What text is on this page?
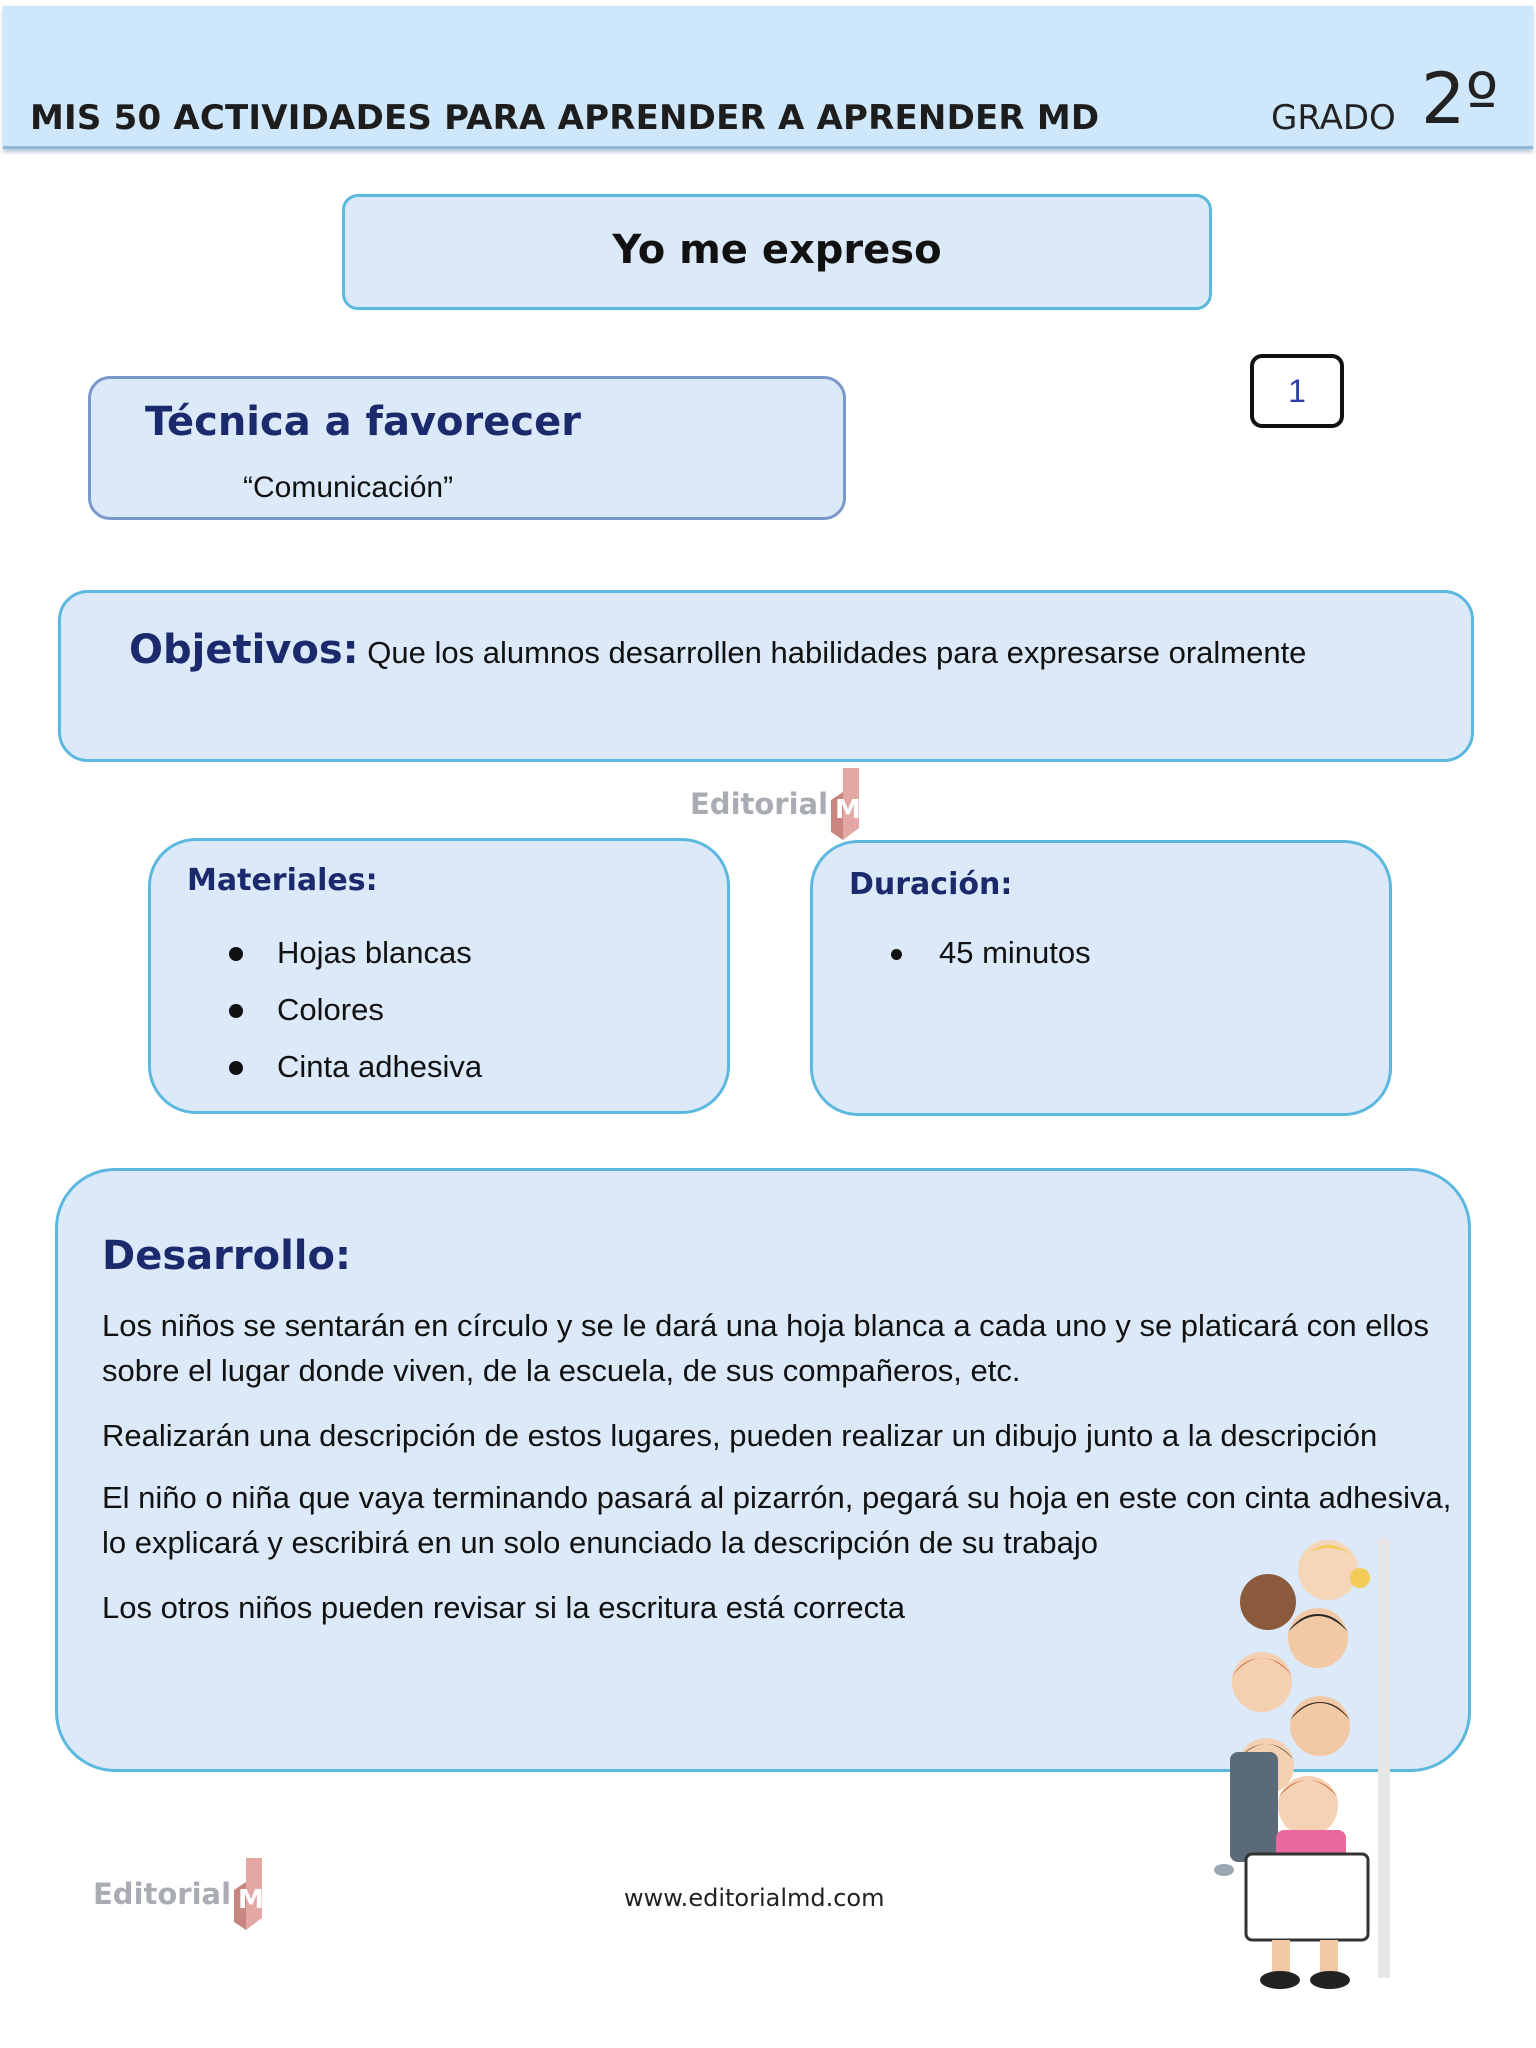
MIS 50 ACTIVIDADES PARA APRENDER A APRENDER MD	GRADO 2º
Yo me expreso
1
Técnica a favorecer
“Comunicación”
Objetivos: Que los alumnos desarrollen habilidades para expresarse oralmente
Editorial MD
Materiales:
Hojas blancas
Colores
Cinta adhesiva
Duración:
45 minutos
Desarrollo:
Los niños se sentarán en círculo y se le dará una hoja blanca a cada uno y se platicará con ellos sobre el lugar donde viven, de la escuela, de sus compañeros, etc.
Realizarán una descripción de estos lugares, pueden realizar un dibujo junto a la descripción
El niño o niña que vaya terminando pasará al pizarrón, pegará su hoja en este con cinta adhesiva, lo explicará y escribirá en un solo enunciado la descripción de su trabajo
Los otros niños pueden revisar si la escritura está correcta
Editorial MD	www.editorialmd.com
